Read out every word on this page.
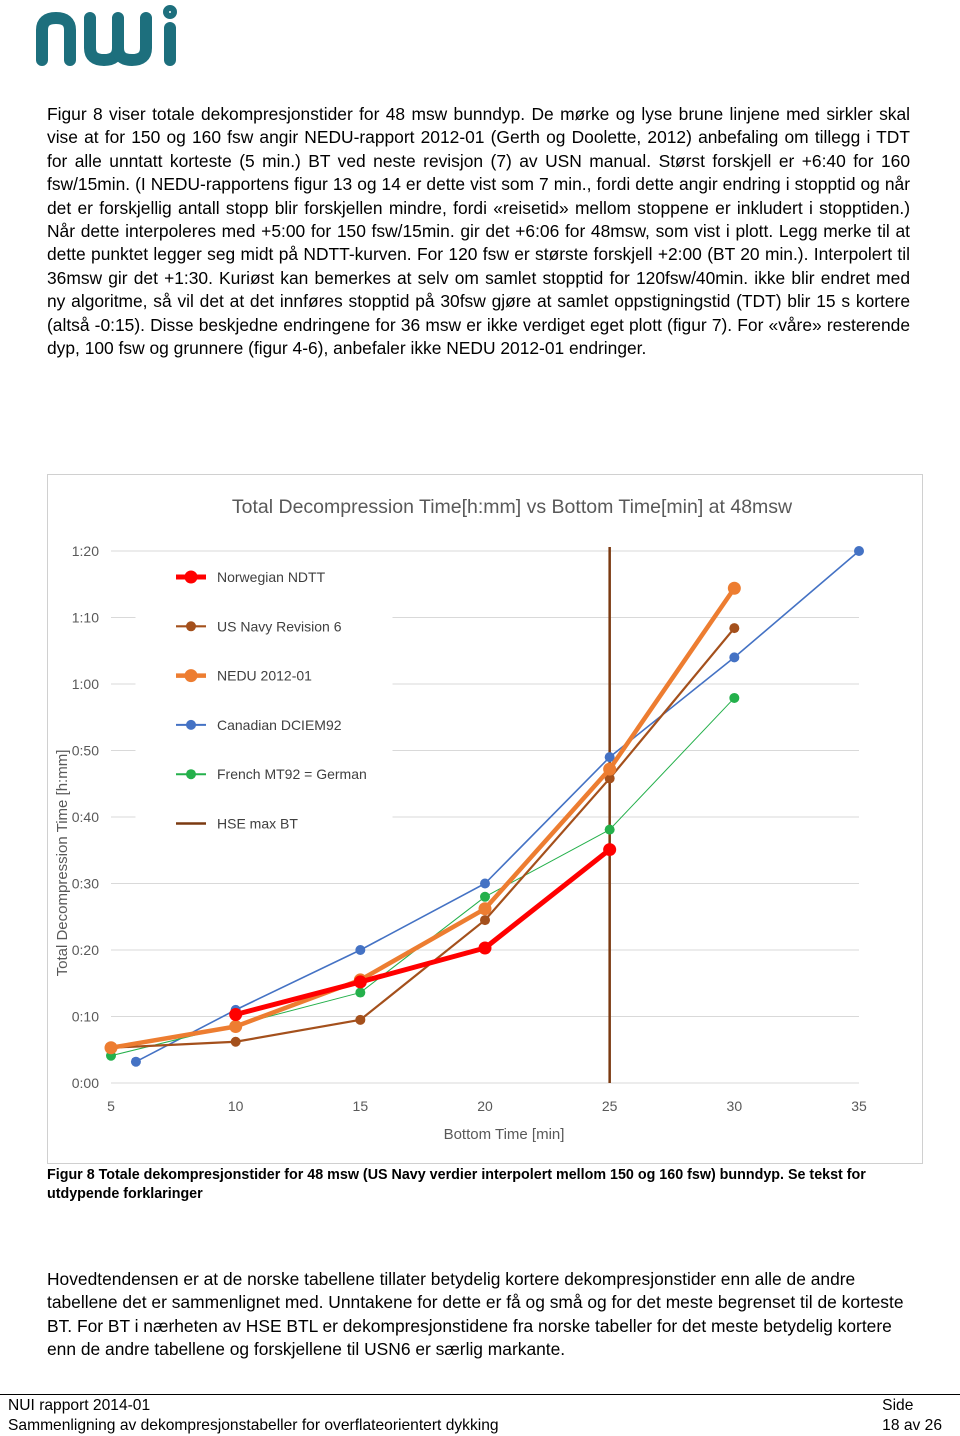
Figur 8 viser totale dekompresjonstider for 48 msw bunndyp. De mørke og lyse brune linjene med sirkler skal vise at for 150 og 160 fsw angir NEDU-rapport 2012-01 (Gerth og Doolette, 2012) anbefaling om tillegg i TDT for alle unntatt korteste (5 min.) BT ved neste revisjon (7) av USN manual. Størst forskjell er +6:40 for 160 fsw/15min. (I NEDU-rapportens figur 13 og 14 er dette vist som 7 min., fordi dette angir endring i stopptid og når det er forskjellig antall stopp blir forskjellen mindre, fordi «reisetid» mellom stoppene er inkludert i stopptiden.) Når dette interpoleres med +5:00 for 150 fsw/15min. gir det +6:06 for 48msw, som vist i plott. Legg merke til at dette punktet legger seg midt på NDTT-kurven. For 120 fsw er største forskjell +2:00 (BT 20 min.). Interpolert til 36msw gir det +1:30. Kuriøst kan bemerkes at selv om samlet stopptid for 120fsw/40min. ikke blir endret med ny algoritme, så vil det at det innføres stopptid på 30fsw gjøre at samlet oppstigningstid (TDT) blir 15 s kortere (altså -0:15). Disse beskjedne endringene for 36 msw er ikke verdiget eget plott (figur 7). For «våre» resterende dyp, 100 fsw og grunnere (figur 4-6), anbefaler ikke NEDU 2012-01 endringer.
Total Decompression Time[h:mm] vs Bottom Time[min] at 48msw
0:00
0:10
0:20
0:30
0:40
0:50
1:00
1:10
1:20
5	10	15	20	25	30	35
Norwegian NDTT
US Navy Revision 6
NEDU 2012-01
Canadian DCIEM92
French MT92 = German
HSE max BT
Bottom Time [min]
Total Decompression Time [h:mm]
Figur 8 Totale dekompresjonstider for 48 msw (US Navy verdier interpolert mellom 150 og 160 fsw) bunndyp. Se tekst for utdypende forklaringer
Hovedtendensen er at de norske tabellene tillater betydelig kortere dekompresjonstider enn alle de andre tabellene det er sammenlignet med. Unntakene for dette er få og små og for det meste begrenset til de korteste BT. For BT i nærheten av HSE BTL er dekompresjonstidene fra norske tabeller for det meste betydelig kortere enn de andre tabellene og forskjellene til USN6 er særlig markante.
NUI rapport 2014-01
Sammenligning av dekompresjonstabeller for overflateorientert dykking
Side
18 av 26
